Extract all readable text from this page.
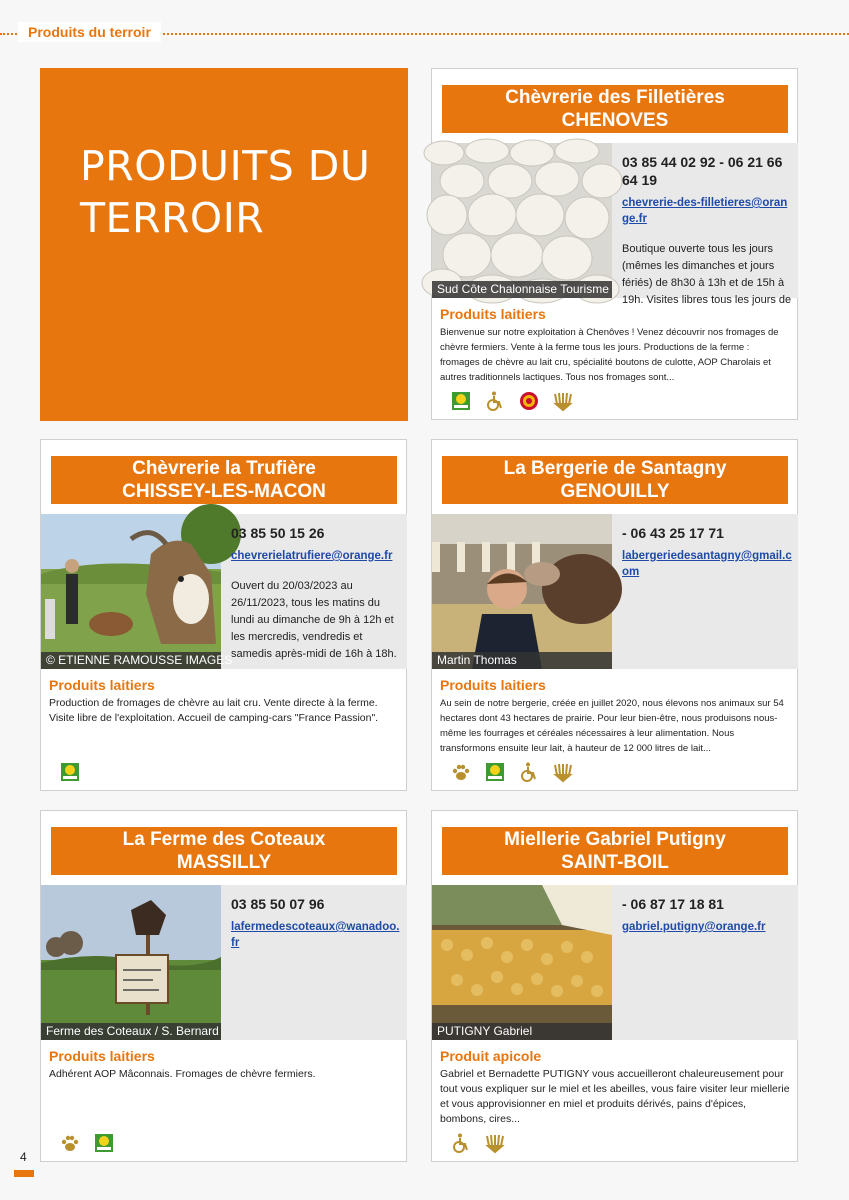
Produits du terroir
PRODUITS DU
TERROIR
Chèvrerie des Filletières
CHENOVES
Sud Côte Chalonnaise Tourisme
03 85 44 02 92 - 06 21 66 64 19
chevrerie-des-filletieres@orange.fr
Boutique ouverte tous les jours (mêmes les dimanches et jours fériés) de 8h30 à 13h et de 15h à 19h. Visites libres tous les jours de
Produits laitiers
Bienvenue sur notre exploitation à Chenôves ! Venez découvrir nos fromages de chèvre fermiers. Vente à la ferme tous les jours. Productions de la ferme : fromages de chèvre au lait cru, spécialité boutons de culotte, AOP Charolais et autres traditionnels lactiques. Tous nos fromages sont...
Chèvrerie la Trufière
CHISSEY-LES-MACON
© ETIENNE RAMOUSSE IMAGES
03 85 50 15 26
chevrerielatrufiere@orange.fr
Ouvert du 20/03/2023 au 26/11/2023, tous les matins du lundi au dimanche de 9h à 12h et les mercredis, vendredis et samedis après-midi de 16h à 18h.
Produits laitiers
Production de fromages de chèvre au lait cru. Vente directe à la ferme. Visite libre de l'exploitation. Accueil de camping-cars "France Passion".
La Bergerie de Santagny
GENOUILLY
Martin Thomas
- 06 43 25 17 71
labergeriedesantagny@gmail.com
Produits laitiers
Au sein de notre bergerie, créée en juillet 2020, nous élevons nos animaux sur 54 hectares dont 43 hectares de prairie. Pour leur bien-être, nous produisons nous-même les fourrages et céréales nécessaires à leur alimentation. Nous transformons ensuite leur lait, à hauteur de 12 000 litres de lait...
La Ferme des Coteaux
MASSILLY
Ferme des Coteaux / S. Bernard
03 85 50 07 96
lafermedescoteaux@wanadoo.fr
Produits laitiers
Adhérent AOP Mâconnais. Fromages de chèvre fermiers.
Miellerie Gabriel Putigny
SAINT-BOIL
PUTIGNY Gabriel
- 06 87 17 18 81
gabriel.putigny@orange.fr
Produit apicole
Gabriel et Bernadette PUTIGNY vous accueilleront chaleureusement pour tout vous expliquer sur le miel et les abeilles, vous faire visiter leur miellerie et vous approvisionner en miel et produits dérivés, pains d'épices, bombons, cires...
4
